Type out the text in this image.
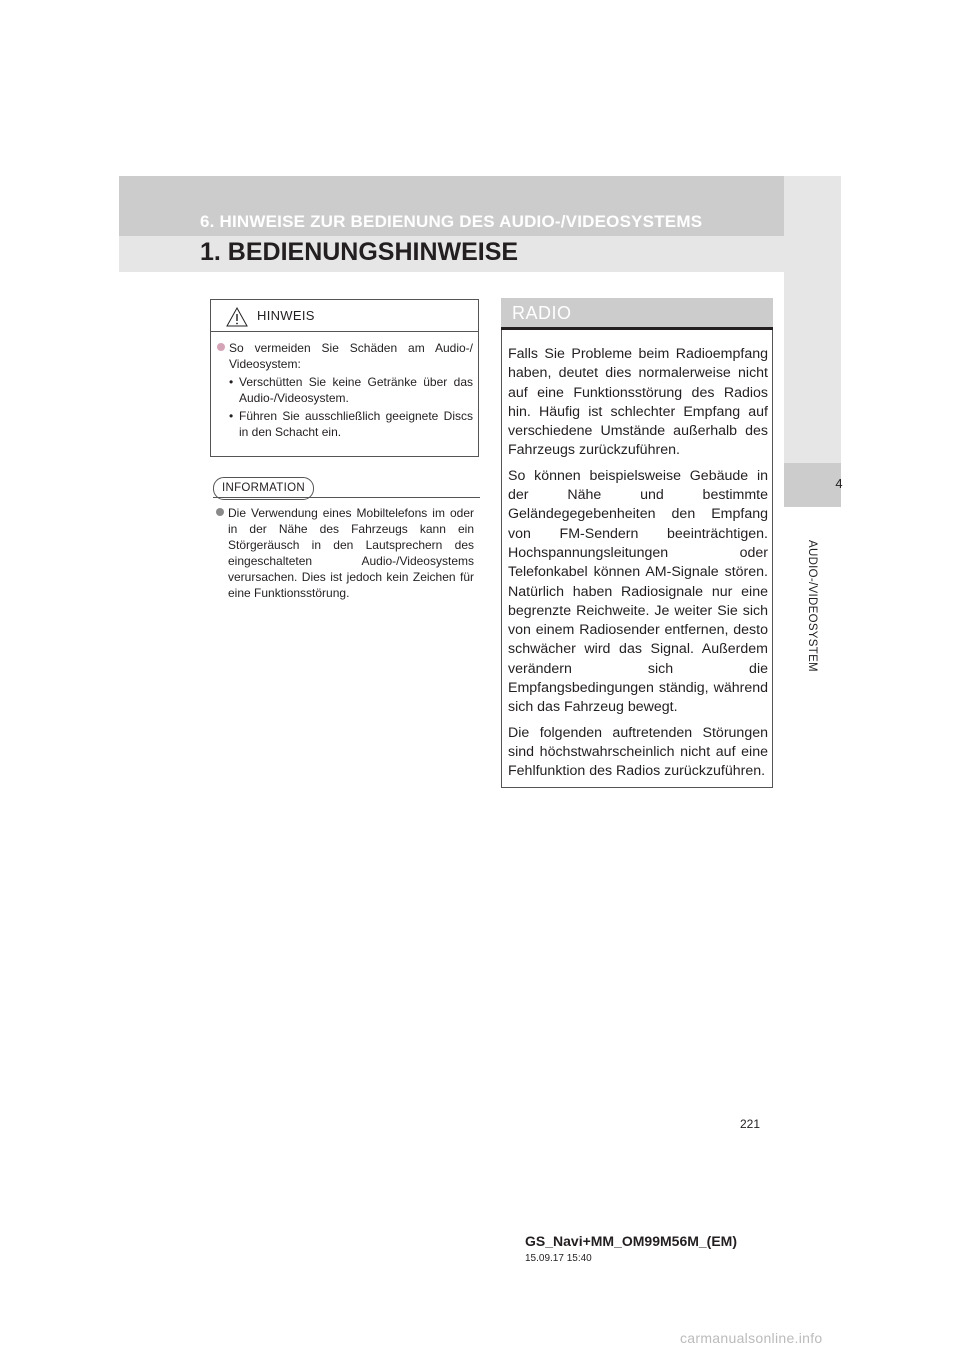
6. HINWEISE ZUR BEDIENUNG DES AUDIO-/VIDEOSYSTEMS
1. BEDIENUNGSHINWEISE
4
AUDIO-/VIDEOSYSTEM
HINWEIS
So vermeiden Sie Schäden am Audio-/ Videosystem:
• Verschütten Sie keine Getränke über das Audio-/Videosystem.
• Führen Sie ausschließlich geeignete Discs in den Schacht ein.
INFORMATION
Die Verwendung eines Mobiltelefons im oder in der Nähe des Fahrzeugs kann ein Störgeräusch in den Lautsprechern des eingeschalteten Audio-/Videosystems verursachen. Dies ist jedoch kein Zeichen für eine Funktionsstörung.
RADIO

Falls Sie Probleme beim Radioempfang haben, deutet dies normalerweise nicht auf eine Funktionsstörung des Radios hin. Häufig ist schlechter Empfang auf verschiedene Umstände außerhalb des Fahrzeugs zurückzuführen.

So können beispielsweise Gebäude in der Nähe und bestimmte Geländegegebenheiten den Empfang von FM-Sendern beeinträchtigen. Hochspannungsleitungen oder Telefonkabel können AM-Signale stören. Natürlich haben Radiosignale nur eine begrenzte Reichweite. Je weiter Sie sich von einem Radiosender entfernen, desto schwächer wird das Signal. Außerdem verändern sich die Empfangsbedingungen ständig, während sich das Fahrzeug bewegt.

Die folgenden auftretenden Störungen sind höchstwahrscheinlich nicht auf eine Fehlfunktion des Radios zurückzuführen.

221
GS_Navi+MM_OM99M56M_(EM)
15.09.17 15:40
carmanualsonline.info
